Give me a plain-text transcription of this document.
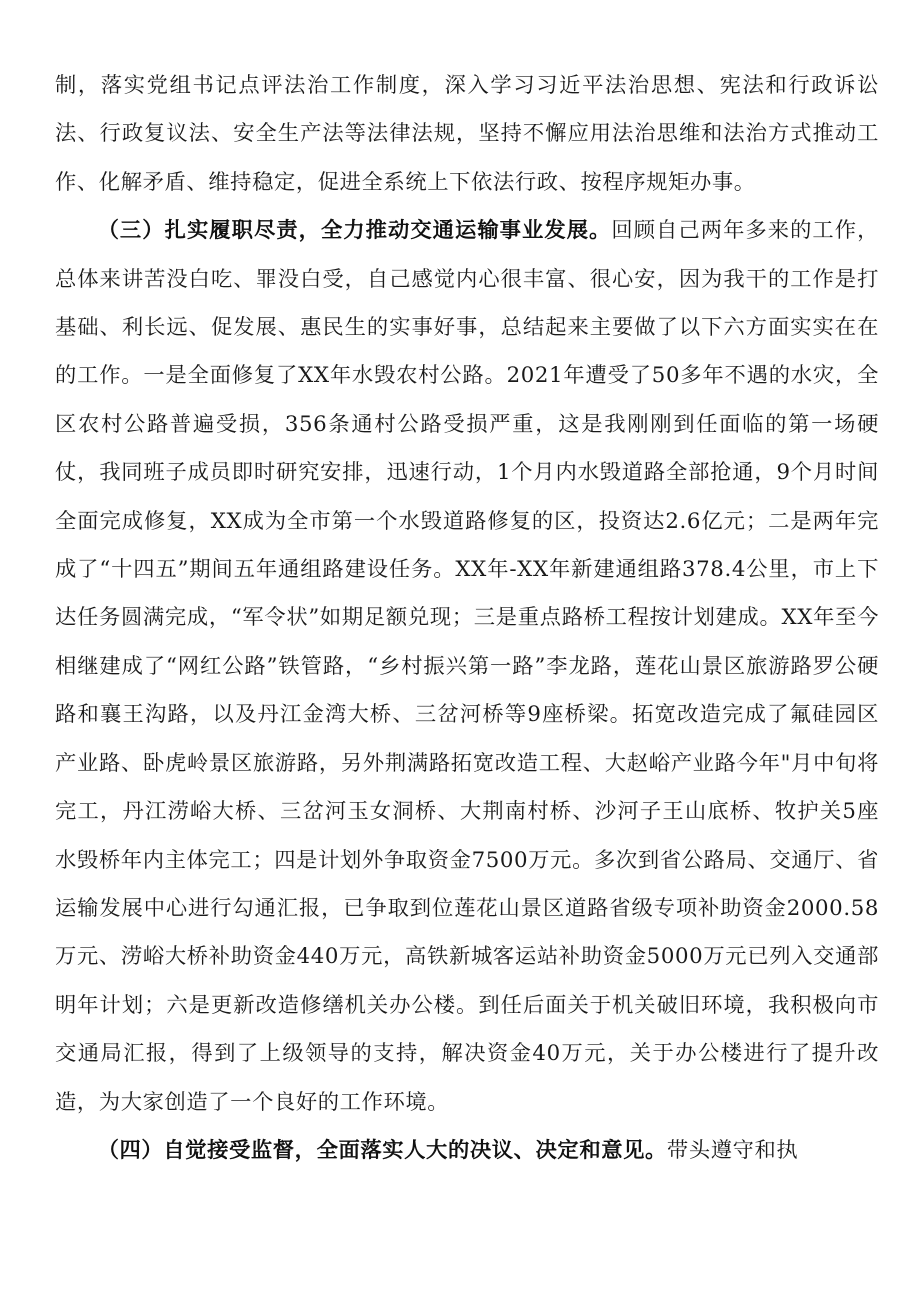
制，落实党组书记点评法治工作制度，深入学习习近平法治思想、宪法和行政诉讼法、行政复议法、安全生产法等法律法规，坚持不懈应用法治思维和法治方式推动工作、化解矛盾、维持稳定，促进全系统上下依法行政、按程序规矩办事。

（三）扎实履职尽责，全力推动交通运输事业发展。回顾自己两年多来的工作，总体来讲苦没白吃、罪没白受，自己感觉内心很丰富、很心安，因为我干的工作是打基础、利长远、促发展、惠民生的实事好事，总结起来主要做了以下六方面实实在在的工作。一是全面修复了XX年水毁农村公路。2021年遭受了50多年不遇的水灾，全区农村公路普遍受损，356条通村公路受损严重，这是我刚刚到任面临的第一场硬仗，我同班子成员即时研究安排，迅速行动，1个月内水毁道路全部抢通，9个月时间全面完成修复，XX成为全市第一个水毁道路修复的区，投资达2.6亿元；二是两年完成了“十四五”期间五年通组路建设任务。XX年-XX年新建通组路378.4公里，市上下达任务圆满完成，“军令状”如期足额兑现；三是重点路桥工程按计划建成。XX年至今相继建成了“网红公路”铁管路，“乡村振兴第一路”李龙路，莲花山景区旅游路罗公硬路和襄王沟路，以及丹江金湾大桥、三岔河桥等9座桥梁。拓宽改造完成了氟硅园区产业路、卧虎岭景区旅游路，另外荆满路拓宽改造工程、大赵峪产业路今年"月中旬将完工，丹江涝峪大桥、三岔河玉女洞桥、大荆南村桥、沙河子王山底桥、牧护关5座水毁桥年内主体完工；四是计划外争取资金7500万元。多次到省公路局、交通厅、省运输发展中心进行勾通汇报，已争取到位莲花山景区道路省级专项补助资金2000.58万元、涝峪大桥补助资金440万元，高铁新城客运站补助资金5000万元已列入交通部明年计划；六是更新改造修缮机关办公楼。到任后面关于机关破旧环境，我积极向市交通局汇报，得到了上级领导的支持，解决资金40万元，关于办公楼进行了提升改造，为大家创造了一个良好的工作环境。

（四）自觉接受监督，全面落实人大的决议、决定和意见。带头遵守和执
